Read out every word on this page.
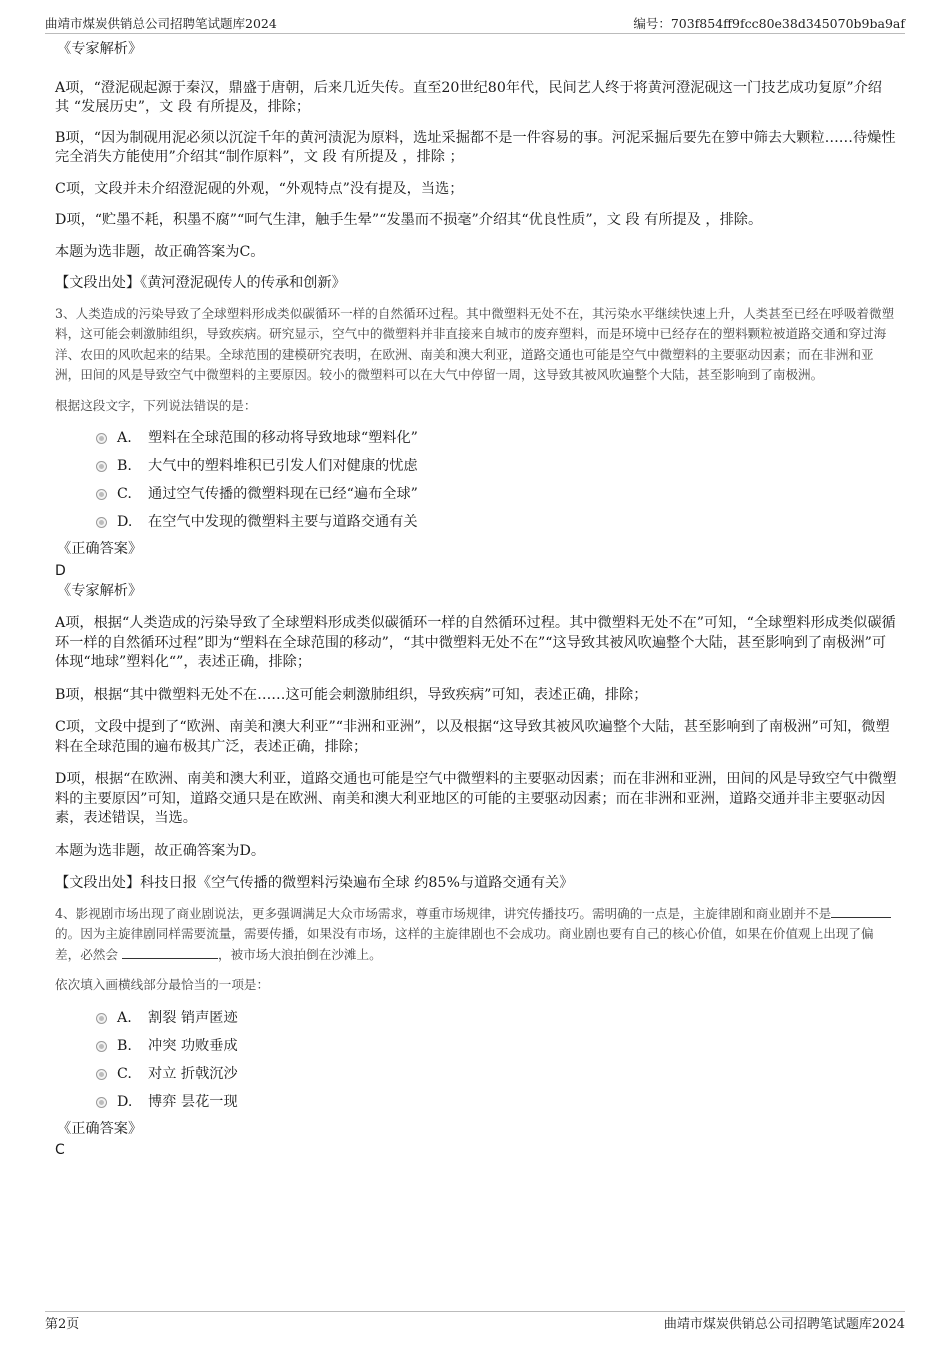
曲靖市煤炭供销总公司招聘笔试题库2024	编号：703f854ff9fcc80e38d345070b9ba9af

《专家解析》

A项，“澄泥砚起源于秦汉，鼎盛于唐朝，后来几近失传。直至20世纪80年代，民间艺人终于将黄河澄泥砚这一门技艺成功复原”介绍 其 “发展历史”，文 段 有所提及，排除；

B项，“因为制砚用泥必须以沉淀千年的黄河渍泥为原料，选址采掘都不是一件容易的事。河泥采掘后要先在箩中筛去大颗粒……待燥性完全消失方能使用”介绍其“制作原料”，文 段 有所提及 ，排除 ；

C项，文段并未介绍澄泥砚的外观，“外观特点”没有提及，当选；

D项，“贮墨不耗，积墨不腐”“呵气生津，触手生晕”“发墨而不损毫”介绍其“优良性质”，文 段 有所提及 ，排除。

本题为选非题，故正确答案为C。

【文段出处】《黄河澄泥砚传人的传承和创新》

3、人类造成的污染导致了全球塑料形成类似碳循环一样的自然循环过程。其中微塑料无处不在，其污染水平继续快速上升，人类甚至已经在呼吸着微塑料，这可能会刺激肺组织，导致疾病。研究显示，空气中的微塑料并非直接来自城市的废弃塑料，而是环境中已经存在的塑料颗粒被道路交通和穿过海洋、农田的风吹起来的结果。全球范围的建模研究表明，在欧洲、南美和澳大利亚，道路交通也可能是空气中微塑料的主要驱动因素；而在非洲和亚洲，田间的风是导致空气中微塑料的主要原因。较小的微塑料可以在大气中停留一周，这导致其被风吹遍整个大陆，甚至影响到了南极洲。

根据这段文字，下列说法错误的是：

A. 塑料在全球范围的移动将导致地球“塑料化”
B. 大气中的塑料堆积已引发人们对健康的忧虑
C. 通过空气传播的微塑料现在已经“遍布全球”
D. 在空气中发现的微塑料主要与道路交通有关

《正确答案》

D

《专家解析》

A项，根据“人类造成的污染导致了全球塑料形成类似碳循环一样的自然循环过程。其中微塑料无处不在”可知，“全球塑料形成类似碳循环一样的自然循环过程”即为“塑料在全球范围的移动”，“其中微塑料无处不在”“这导致其被风吹遍整个大陆，甚至影响到了南极洲”可体现“地球”塑料化“”，表述正确，排除；

B项，根据“其中微塑料无处不在……这可能会刺激肺组织，导致疾病”可知，表述正确，排除；

C项，文段中提到了“欧洲、南美和澳大利亚”“非洲和亚洲”，以及根据“这导致其被风吹遍整个大陆，甚至影响到了南极洲”可知，微塑料在全球范围的遍布极其广泛，表述正确，排除；

D项，根据“在欧洲、南美和澳大利亚，道路交通也可能是空气中微塑料的主要驱动因素；而在非洲和亚洲，田间的风是导致空气中微塑料的主要原因”可知，道路交通只是在欧洲、南美和澳大利亚地区的可能的主要驱动因素；而在非洲和亚洲，道路交通并非主要驱动因素，表述错误，当选。

本题为选非题，故正确答案为D。

【文段出处】科技日报《空气传播的微塑料污染遍布全球 约85%与道路交通有关》

4、影视剧市场出现了商业剧说法，更多强调满足大众市场需求，尊重市场规律，讲究传播技巧。需明确的一点是，主旋律剧和商业剧并不是的。因为主旋律剧同样需要流量，需要传播，如果没有市场，这样的主旋律剧也不会成功。商业剧也要有自己的核心价值，如果在价值观上出现了偏差，必然会	，被市场大浪拍倒在沙滩上。

依次填入画横线部分最恰当的一项是：

A. 割裂 销声匿迹
B. 冲突 功败垂成
C. 对立 折戟沉沙
D. 博弈 昙花一现

《正确答案》

C

第2页	曲靖市煤炭供销总公司招聘笔试题库2024
